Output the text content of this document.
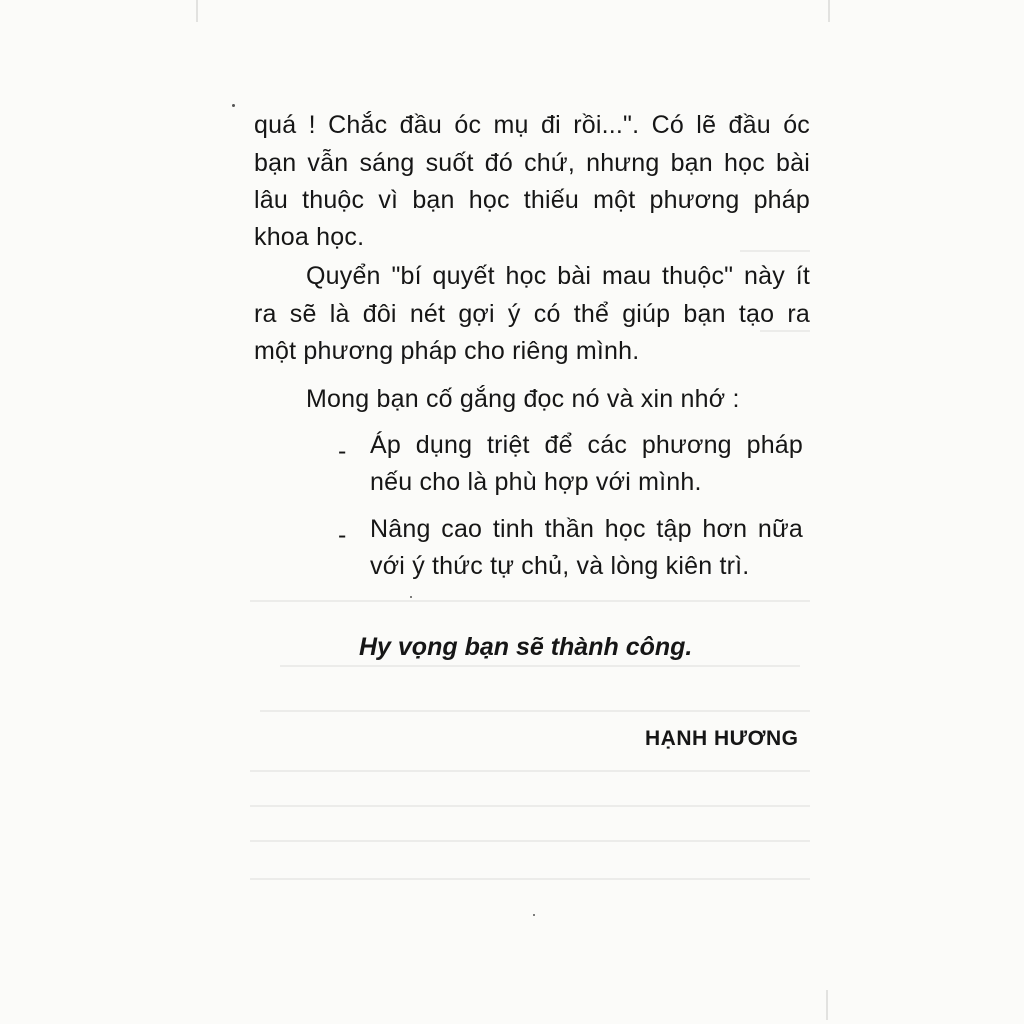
quá ! Chắc đầu óc mụ đi rồi...". Có lẽ đầu óc
bạn vẫn sáng suốt đó chứ, nhưng bạn học bài
lâu thuộc vì bạn học thiếu một phương pháp
khoa học.
Quyển "bí quyết học bài mau thuộc" này ít
ra sẽ là đôi nét gợi ý có thể giúp bạn tạo ra
một phương pháp cho riêng mình.
Mong bạn cố gắng đọc nó và xin nhớ :
- Áp dụng triệt để các phương pháp
nếu cho là phù hợp với mình.
- Nâng cao tinh thần học tập hơn nữa
với ý thức tự chủ, và lòng kiên trì.
Hy vọng bạn sẽ thành công.
HẠNH HƯƠNG
